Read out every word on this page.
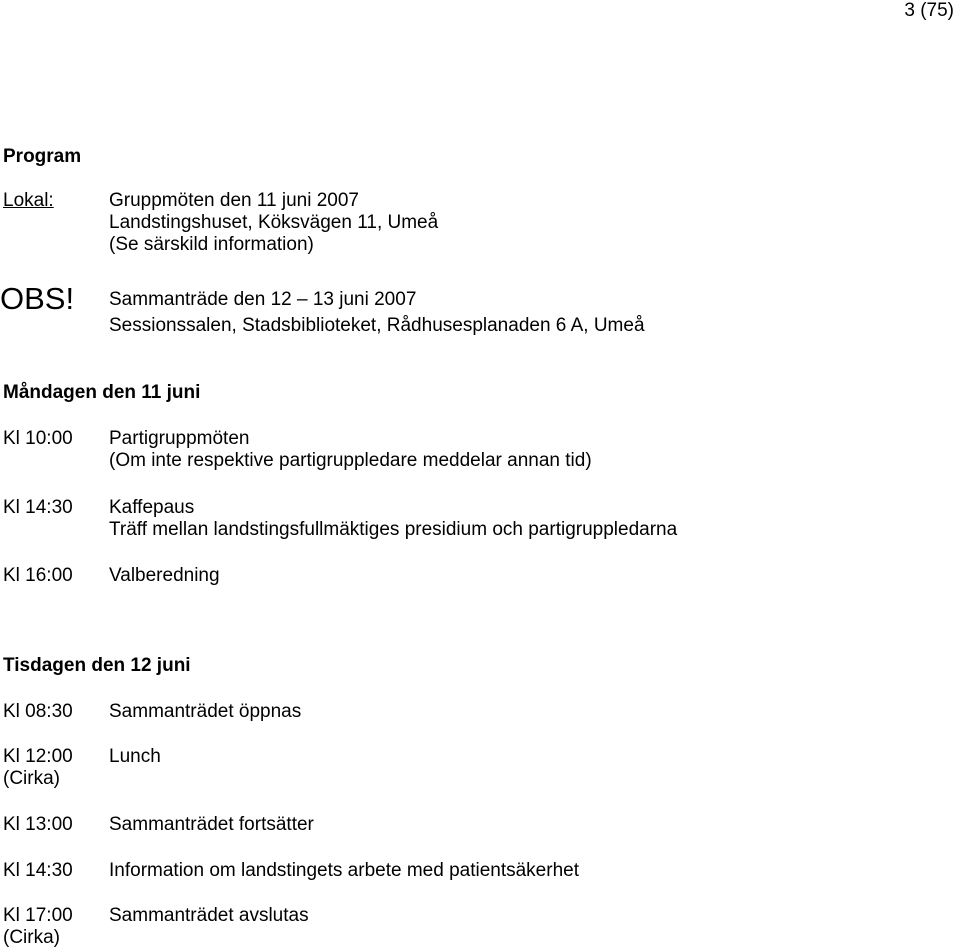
3 (75)
Program
Lokal:	Gruppmöten den 11 juni 2007
Landstingshuset, Köksvägen 11, Umeå
(Se särskild information)
OBS! Sammanträde den 12 – 13 juni 2007
Sessionssalen, Stadsbiblioteket, Rådhusesplanaden 6 A, Umeå
Måndagen den 11 juni
Kl 10:00 Partigruppmöten
(Om inte respektive partigruppledare meddelar annan tid)
Kl 14:30 Kaffepaus
Träff mellan landstingsfullmäktiges presidium och partigruppledarna
Kl 16:00 Valberedning
Tisdagen den 12 juni
Kl 08:30 Sammanträdet öppnas
Kl 12:00
(Cirka)
Lunch
Kl 13:00 Sammanträdet fortsätter
Kl 14:30 Information om landstingets arbete med patientsäkerhet
Kl 17:00
(Cirka)
Sammanträdet avslutas
